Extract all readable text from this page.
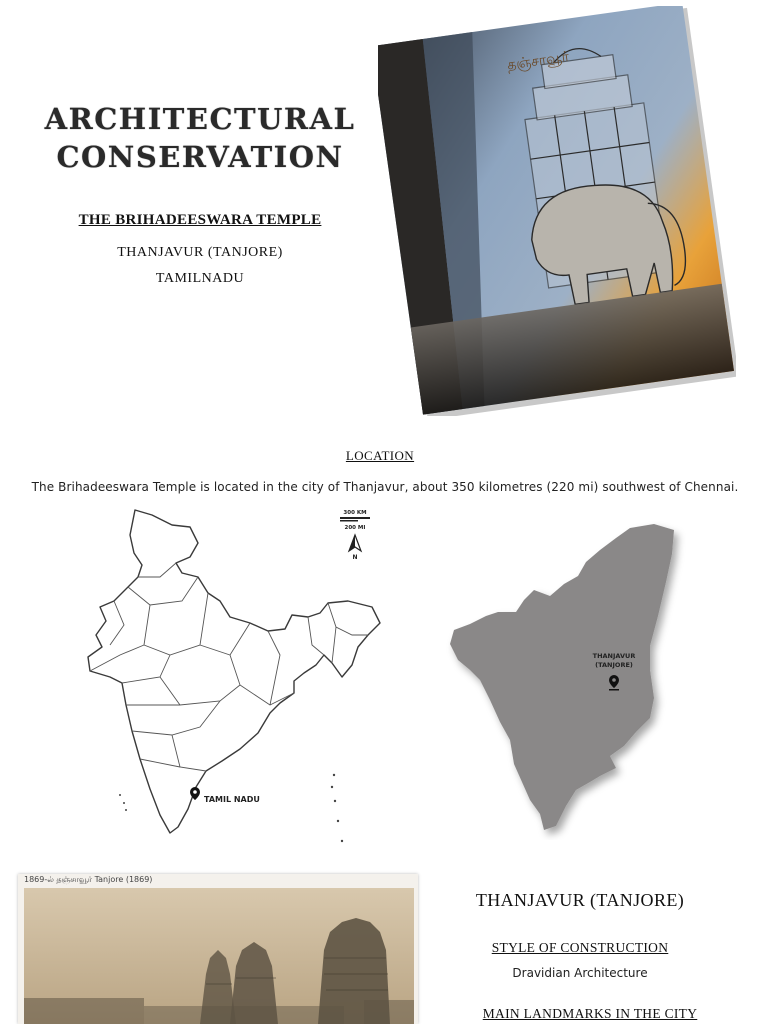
ARCHITECTURAL
CONSERVATION
THE BRIHADEESWARA TEMPLE
THANJAVUR (TANJORE)
TAMILNADU
தஞ்சாவூர்
LOCATION
The Brihadeeswara Temple is located in the city of Thanjavur, about 350 kilometres (220 mi) southwest of Chennai.
TAMIL NADU
300 KM
200 MI
N
THANJAVUR
(TANJORE)
1869-ல் தஞ்சாவூர் Tanjore (1869)
THANJAVUR (TANJORE)
STYLE OF CONSTRUCTION
Dravidian Architecture
MAIN LANDMARKS IN THE CITY
